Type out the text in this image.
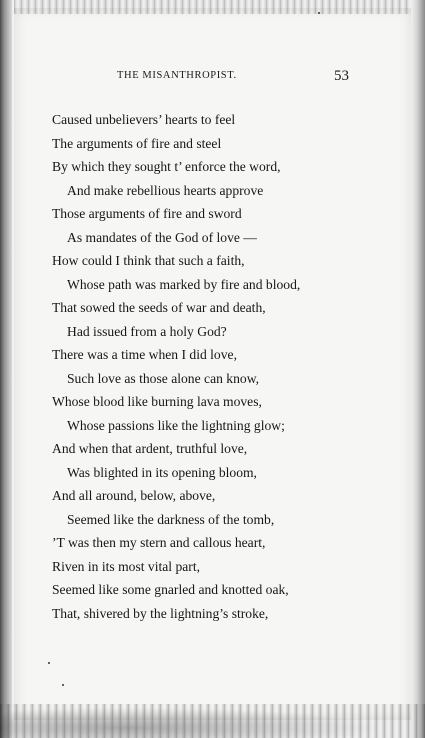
THE MISANTHROPIST.	53
Caused unbelievers’ hearts to feel
The arguments of fire and steel
By which they sought t’ enforce the word,
And make rebellious hearts approve
Those arguments of fire and sword
As mandates of the God of love —
How could I think that such a faith,
Whose path was marked by fire and blood,
That sowed the seeds of war and death,
Had issued from a holy God?
There was a time when I did love,
Such love as those alone can know,
Whose blood like burning lava moves,
Whose passions like the lightning glow;
And when that ardent, truthful love,
Was blighted in its opening bloom,
And all around, below, above,
Seemed like the darkness of the tomb,
’T was then my stern and callous heart,
Riven in its most vital part,
Seemed like some gnarled and knotted oak,
That, shivered by the lightning’s stroke,
